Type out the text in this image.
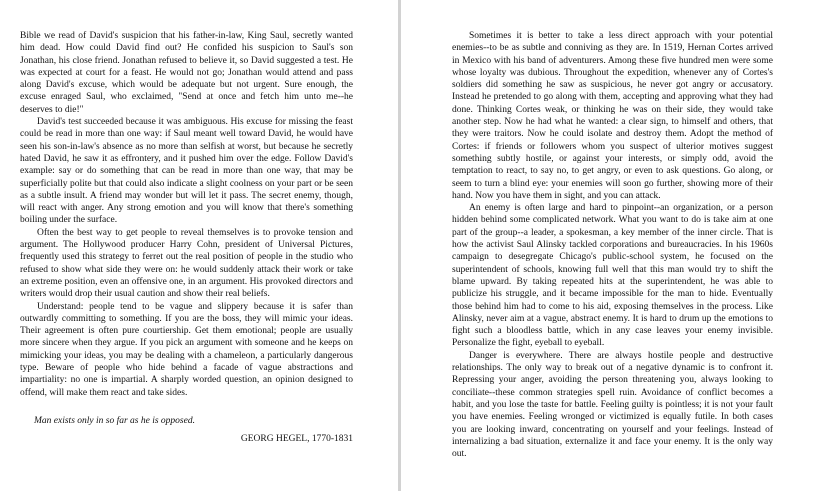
Bible we read of David's suspicion that his father-in-law, King Saul, secretly wanted him dead. How could David find out? He confided his suspicion to Saul's son Jonathan, his close friend. Jonathan refused to believe it, so David suggested a test. He was expected at court for a feast. He would not go; Jonathan would attend and pass along David's excuse, which would be adequate but not urgent. Sure enough, the excuse enraged Saul, who exclaimed, "Send at once and fetch him unto me--he deserves to die!"

David's test succeeded because it was ambiguous. His excuse for missing the feast could be read in more than one way: if Saul meant well toward David, he would have seen his son-in-law's absence as no more than selfish at worst, but because he secretly hated David, he saw it as effrontery, and it pushed him over the edge. Follow David's example: say or do something that can be read in more than one way, that may be superficially polite but that could also indicate a slight coolness on your part or be seen as a subtle insult. A friend may wonder but will let it pass. The secret enemy, though, will react with anger. Any strong emotion and you will know that there's something boiling under the surface.

Often the best way to get people to reveal themselves is to provoke tension and argument. The Hollywood producer Harry Cohn, president of Universal Pictures, frequently used this strategy to ferret out the real position of people in the studio who refused to show what side they were on: he would suddenly attack their work or take an extreme position, even an offensive one, in an argument. His provoked directors and writers would drop their usual caution and show their real beliefs.

Understand: people tend to be vague and slippery because it is safer than outwardly committing to something. If you are the boss, they will mimic your ideas. Their agreement is often pure courtiership. Get them emotional; people are usually more sincere when they argue. If you pick an argument with someone and he keeps on mimicking your ideas, you may be dealing with a chameleon, a particularly dangerous type. Beware of people who hide behind a facade of vague abstractions and impartiality: no one is impartial. A sharply worded question, an opinion designed to offend, will make them react and take sides.

Man exists only in so far as he is opposed.

GEORG HEGEL, 1770-1831

Sometimes it is better to take a less direct approach with your potential enemies--to be as subtle and conniving as they are. In 1519, Hernan Cortes arrived in Mexico with his band of adventurers. Among these five hundred men were some whose loyalty was dubious. Throughout the expedition, whenever any of Cortes's soldiers did something he saw as suspicious, he never got angry or accusatory. Instead he pretended to go along with them, accepting and approving what they had done. Thinking Cortes weak, or thinking he was on their side, they would take another step. Now he had what he wanted: a clear sign, to himself and others, that they were traitors. Now he could isolate and destroy them. Adopt the method of Cortes: if friends or followers whom you suspect of ulterior motives suggest something subtly hostile, or against your interests, or simply odd, avoid the temptation to react, to say no, to get angry, or even to ask questions. Go along, or seem to turn a blind eye: your enemies will soon go further, showing more of their hand. Now you have them in sight, and you can attack.

An enemy is often large and hard to pinpoint--an organization, or a person hidden behind some complicated network. What you want to do is take aim at one part of the group--a leader, a spokesman, a key member of the inner circle. That is how the activist Saul Alinsky tackled corporations and bureaucracies. In his 1960s campaign to desegregate Chicago's public-school system, he focused on the superintendent of schools, knowing full well that this man would try to shift the blame upward. By taking repeated hits at the superintendent, he was able to publicize his struggle, and it became impossible for the man to hide. Eventually those behind him had to come to his aid, exposing themselves in the process. Like Alinsky, never aim at a vague, abstract enemy. It is hard to drum up the emotions to fight such a bloodless battle, which in any case leaves your enemy invisible. Personalize the fight, eyeball to eyeball.

Danger is everywhere. There are always hostile people and destructive relationships. The only way to break out of a negative dynamic is to confront it. Repressing your anger, avoiding the person threatening you, always looking to conciliate--these common strategies spell ruin. Avoidance of conflict becomes a habit, and you lose the taste for battle. Feeling guilty is pointless; it is not your fault you have enemies. Feeling wronged or victimized is equally futile. In both cases you are looking inward, concentrating on yourself and your feelings. Instead of internalizing a bad situation, externalize it and face your enemy. It is the only way out.
